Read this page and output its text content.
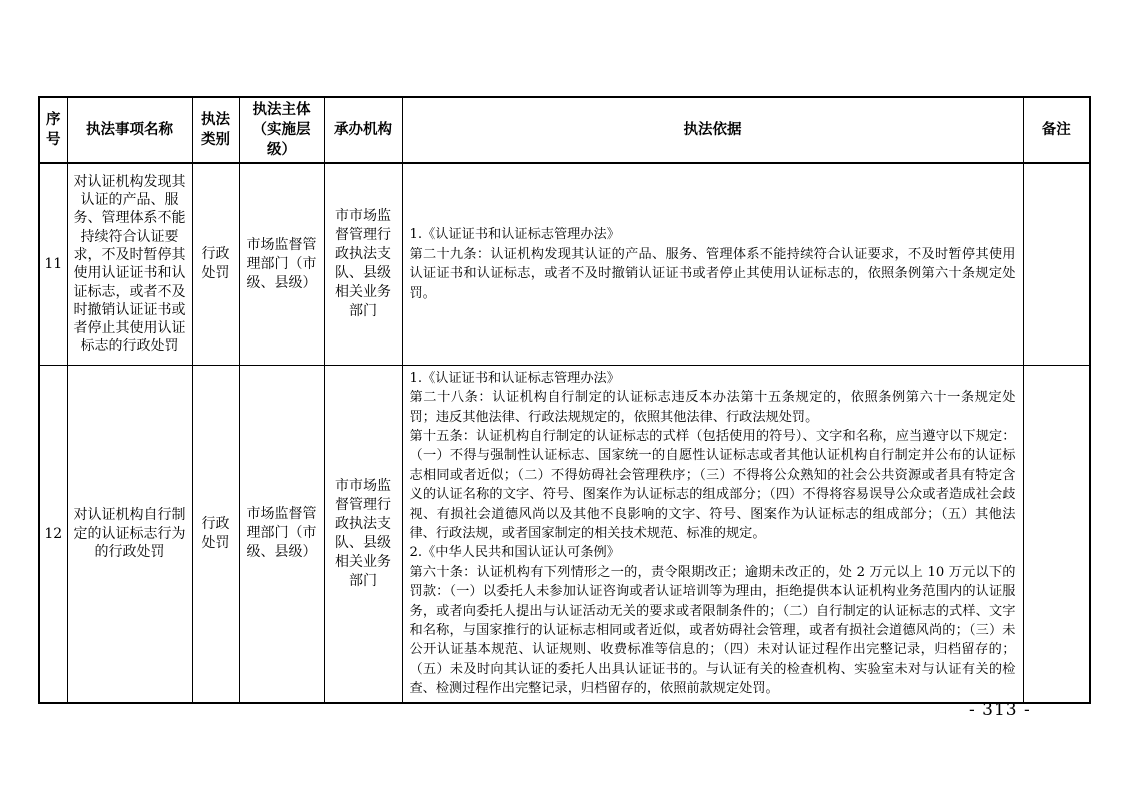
序号	执法事项名称	执法类别	执法主体（实施层级）	承办机构	执法依据	备注
11	对认证机构发现其认证的产品、服务、管理体系不能持续符合认证要求，不及时暂停其使用认证证书和认证标志，或者不及时撤销认证证书或者停止其使用认证标志的行政处罚	行政处罚	市场监督管理部门（市级、县级）	市市场监督管理行政执法支队、县级相关业务部门	1.《认证证书和认证标志管理办法》

第二十九条：认证机构发现其认证的产品、服务、管理体系不能持续符合认证要求，不及时暂停其使用认证证书和认证标志，或者不及时撤销认证证书或者停止其使用认证标志的，依照条例第六十条规定处罚。	

12	对认证机构自行制定的认证标志行为的行政处罚	行政处罚	市场监督管理部门（市级、县级）	市市场监督管理行政执法支队、县级相关业务部门	1.《认证证书和认证标志管理办法》

第二十八条：认证机构自行制定的认证标志违反本办法第十五条规定的，依照条例第六十一条规定处罚；违反其他法律、行政法规规定的，依照其他法律、行政法规处罚。

第十五条：认证机构自行制定的认证标志的式样（包括使用的符号）、文字和名称，应当遵守以下规定：（一）不得与强制性认证标志、国家统一的自愿性认证标志或者其他认证机构自行制定并公布的认证标志相同或者近似；（二）不得妨碍社会管理秩序；（三）不得将公众熟知的社会公共资源或者具有特定含义的认证名称的文字、符号、图案作为认证标志的组成部分；（四）不得将容易误导公众或者造成社会歧视、有损社会道德风尚以及其他不良影响的文字、符号、图案作为认证标志的组成部分；（五）其他法律、行政法规，或者国家制定的相关技术规范、标准的规定。

2.《中华人民共和国认证认可条例》

第六十条：认证机构有下列情形之一的，责令限期改正；逾期未改正的，处 2 万元以上 10 万元以下的罚款：（一）以委托人未参加认证咨询或者认证培训等为理由，拒绝提供本认证机构业务范围内的认证服务，或者向委托人提出与认证活动无关的要求或者限制条件的；（二）自行制定的认证标志的式样、文字和名称，与国家推行的认证标志相同或者近似，或者妨碍社会管理，或者有损社会道德风尚的；（三）未公开认证基本规范、认证规则、收费标准等信息的；（四）未对认证过程作出完整记录，归档留存的；（五）未及时向其认证的委托人出具认证证书的。与认证有关的检查机构、实验室未对与认证有关的检查、检测过程作出完整记录，归档留存的，依照前款规定处罚。	

- 313 -
